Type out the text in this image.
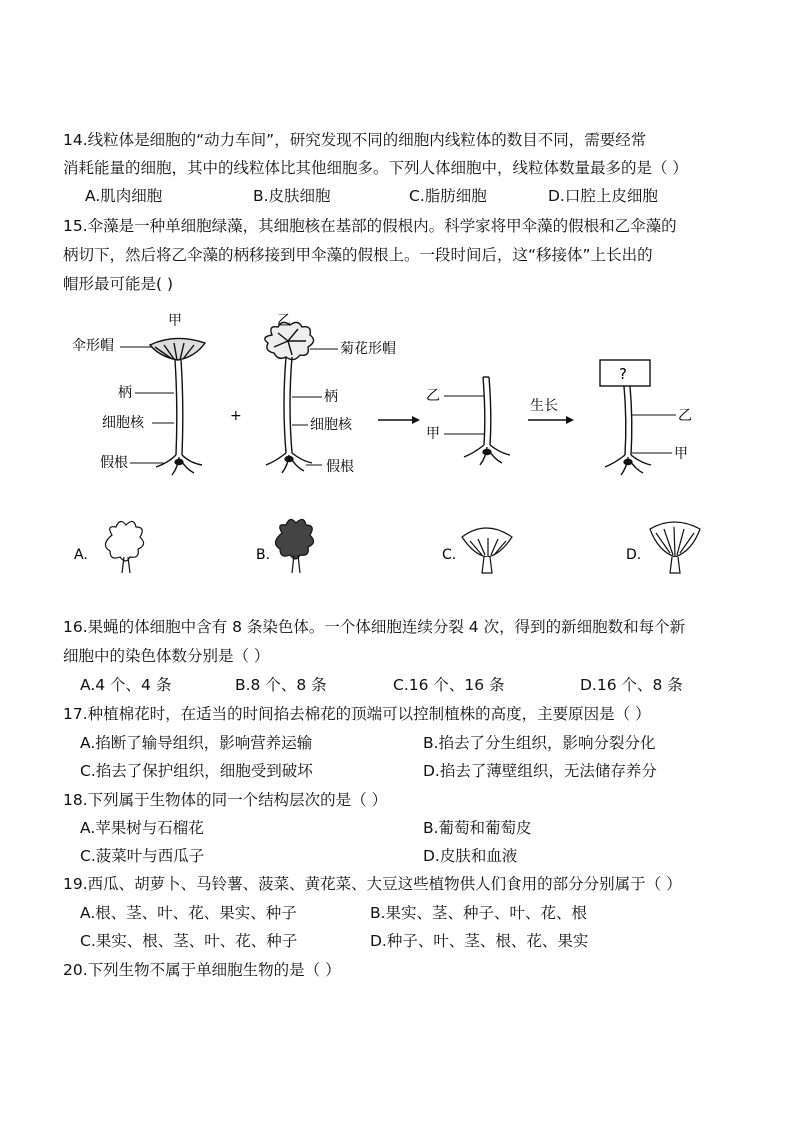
14.线粒体是细胞的“动力车间”，研究发现不同的细胞内线粒体的数目不同，需要经常
消耗能量的细胞，其中的线粒体比其他细胞多。下列人体细胞中，线粒体数量最多的是（ ）
A.肌肉细胞	B.皮肤细胞	C.脂肪细胞	D.口腔上皮细胞
15.伞藻是一种单细胞绿藻，其细胞核在基部的假根内。科学家将甲伞藻的假根和乙伞藻的
柄切下，然后将乙伞藻的柄移接到甲伞藻的假根上。一段时间后，这“移接体”上长出的
帽形最可能是( )
甲
伞形帽
柄
细胞核
假根
+
乙
菊花形帽
柄
细胞核
假根
乙
甲
生长
?
乙
甲
A.	B.	C.	D.
16.果蝇的体细胞中含有 8 条染色体。一个体细胞连续分裂 4 次，得到的新细胞数和每个新
细胞中的染色体数分别是（ ）
A.4 个、4 条	B.8 个、8 条	C.16 个、16 条	D.16 个、8 条
17.种植棉花时，在适当的时间掐去棉花的顶端可以控制植株的高度，主要原因是（ ）
A.掐断了输导组织，影响营养运输	B.掐去了分生组织，影响分裂分化
C.掐去了保护组织，细胞受到破坏	D.掐去了薄壁组织，无法储存养分
18.下列属于生物体的同一个结构层次的是（ ）
A.苹果树与石榴花	B.葡萄和葡萄皮
C.菠菜叶与西瓜子	D.皮肤和血液
19.西瓜、胡萝卜、马铃薯、菠菜、黄花菜、大豆这些植物供人们食用的部分分别属于（ ）
A.根、茎、叶、花、果实、种子	B.果实、茎、种子、叶、花、根
C.果实、根、茎、叶、花、种子	D.种子、叶、茎、根、花、果实
20.下列生物不属于单细胞生物的是（ ）
